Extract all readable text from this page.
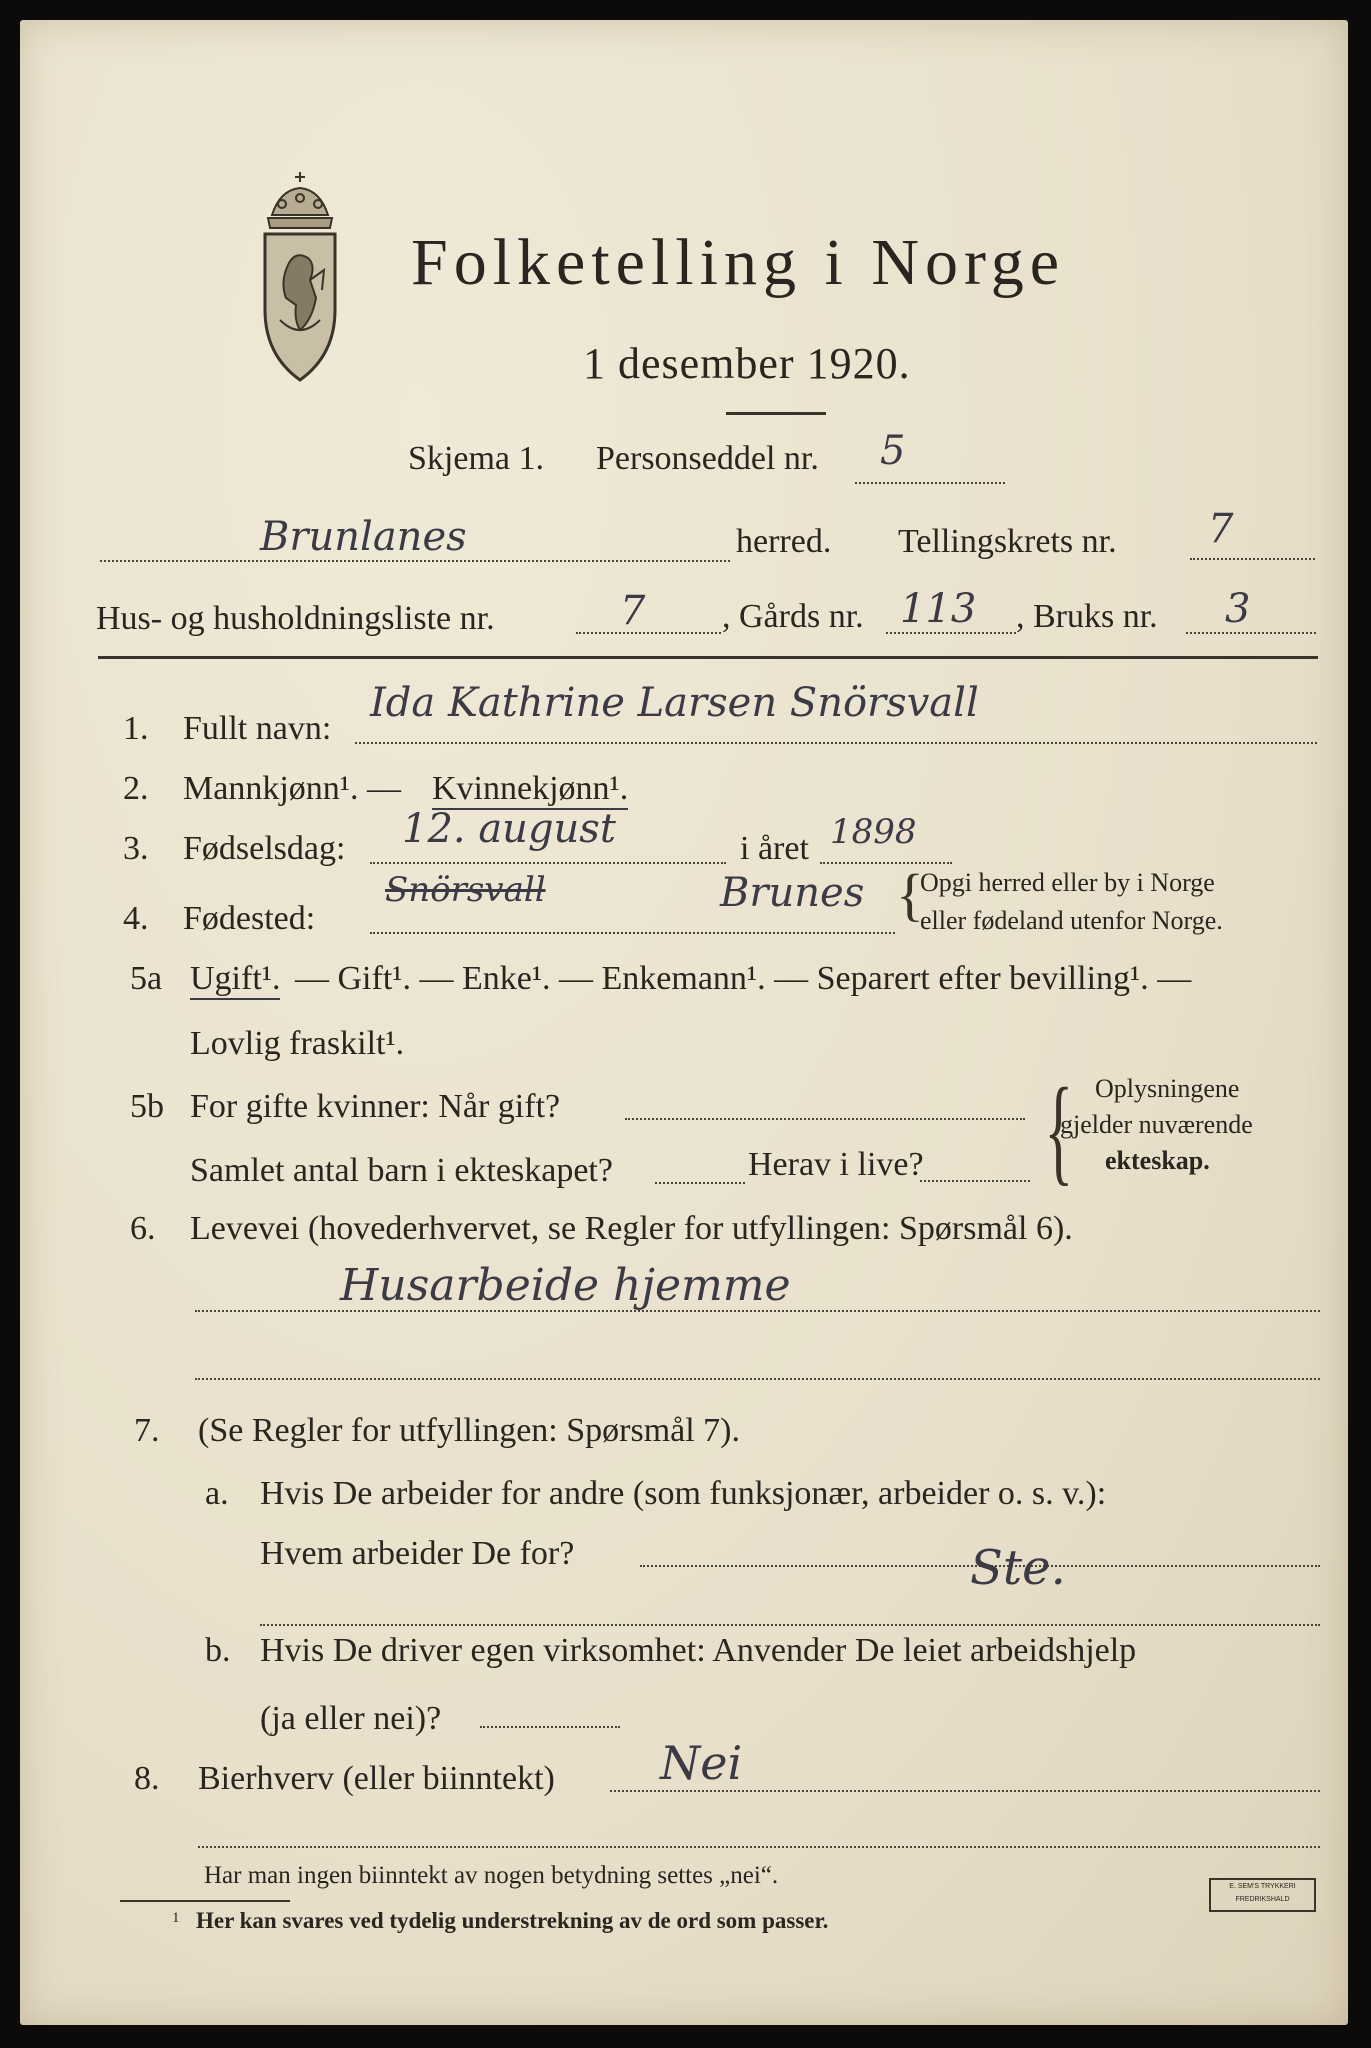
Folketelling i Norge
1 desember 1920.
Skjema 1. Personseddel nr. 5
Brunlanes	herred. Tellingskrets nr. 7
Hus- og husholdningsliste nr.	7 , Gårds nr. 113 , Bruks nr. 3
1. Fullt navn:
Ida Kathrine Larsen Snörsvall
2. Mannkjønn¹. — Kvinnekjønn¹.
3. Fødselsdag: 12. august	i året 1898
4. Fødested:
Snörsvall	Brunes {
Opgi herred eller by i Norge
eller fødeland utenfor Norge.
5a Ugift¹. — Gift¹. — Enke¹. — Enkemann¹. — Separert efter bevilling¹. —
Lovlig fraskilt¹.
5b For gifte kvinner: Når gift?
Samlet antal barn i ekteskapet?	Herav i live? { Oplysningene
gjelder nuværende
ekteskap.
6. Levevei (hovederhvervet, se Regler for utfyllingen: Spørsmål 6).
Husarbeide hjemme
7. (Se Regler for utfyllingen: Spørsmål 7).
a. Hvis De arbeider for andre (som funksjonær, arbeider o. s. v.):
Hvem arbeider De for?	Ste.
b. Hvis De driver egen virksomhet: Anvender De leiet arbeidshjelp
(ja eller nei)?
8. Bierhverv (eller biinntekt) Nei
Har man ingen biinntekt av nogen betydning settes „nei“.
1 Her kan svares ved tydelig understrekning av de ord som passer.
E. SEM'S TRYKKERI
FREDRIKSHALD
